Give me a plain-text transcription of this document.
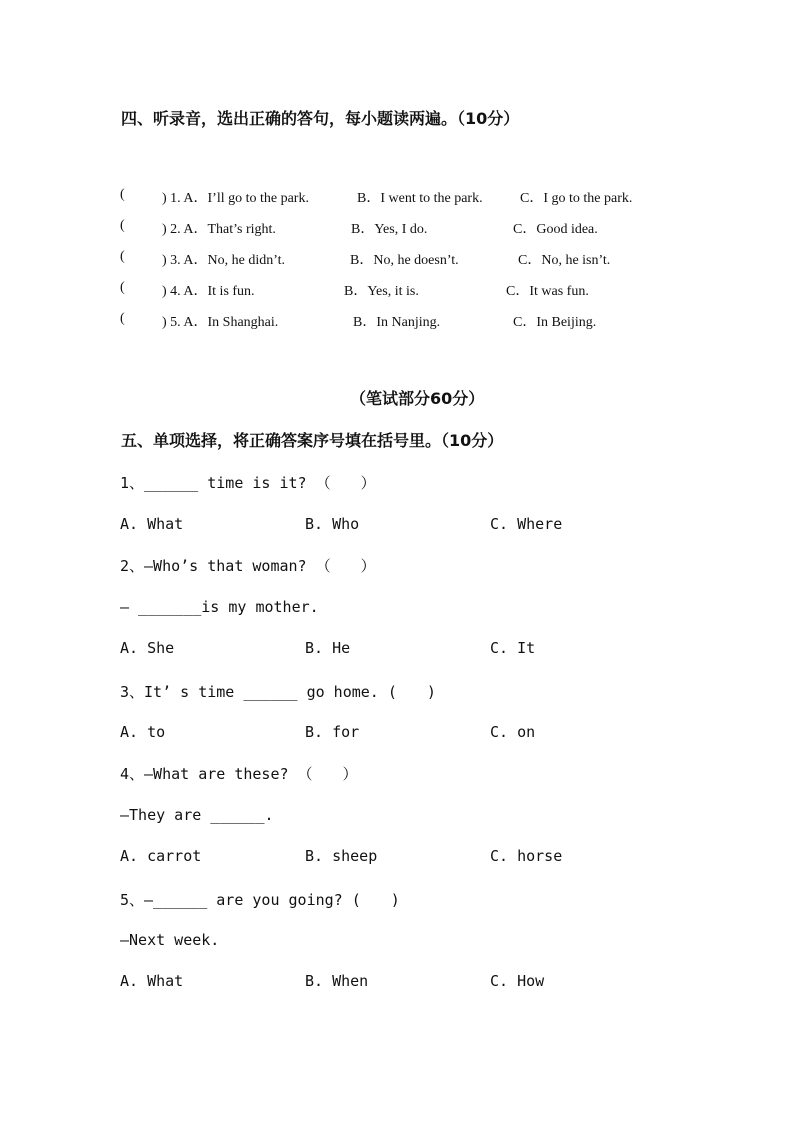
四、听录音，选出正确的答句，每小题读两遍。（10分）
(	) 1. A．I’ll go to the park.	B．I went to the park.	C．I go to the park.
(	) 2. A．That’s right.	B．Yes, I do.	C．Good idea.
(	) 3. A．No, he didn’t.	B．No, he doesn’t.	C．No, he isn’t.
(	) 4. A．It is fun.	B．Yes, it is.	C．It was fun.
(	) 5. A．In Shanghai.	B．In Nanjing.	C．In Beijing.
（笔试部分60分）
五、单项选择，将正确答案序号填在括号里。（10分）
1、______ time is it? （　　）
A. What	B. Who	C. Where
2、—Who’s that woman? （　　）
— _______is my mother.
A. She	B. He	C. It
3、It’ s time ______ go home. (　　)
A. to	B. for	C. on
4、—What are these? （　　）
—They are ______.
A. carrot	B. sheep	C. horse
5、—______ are you going? (　　)
—Next week.
A. What	B. When	C. How
